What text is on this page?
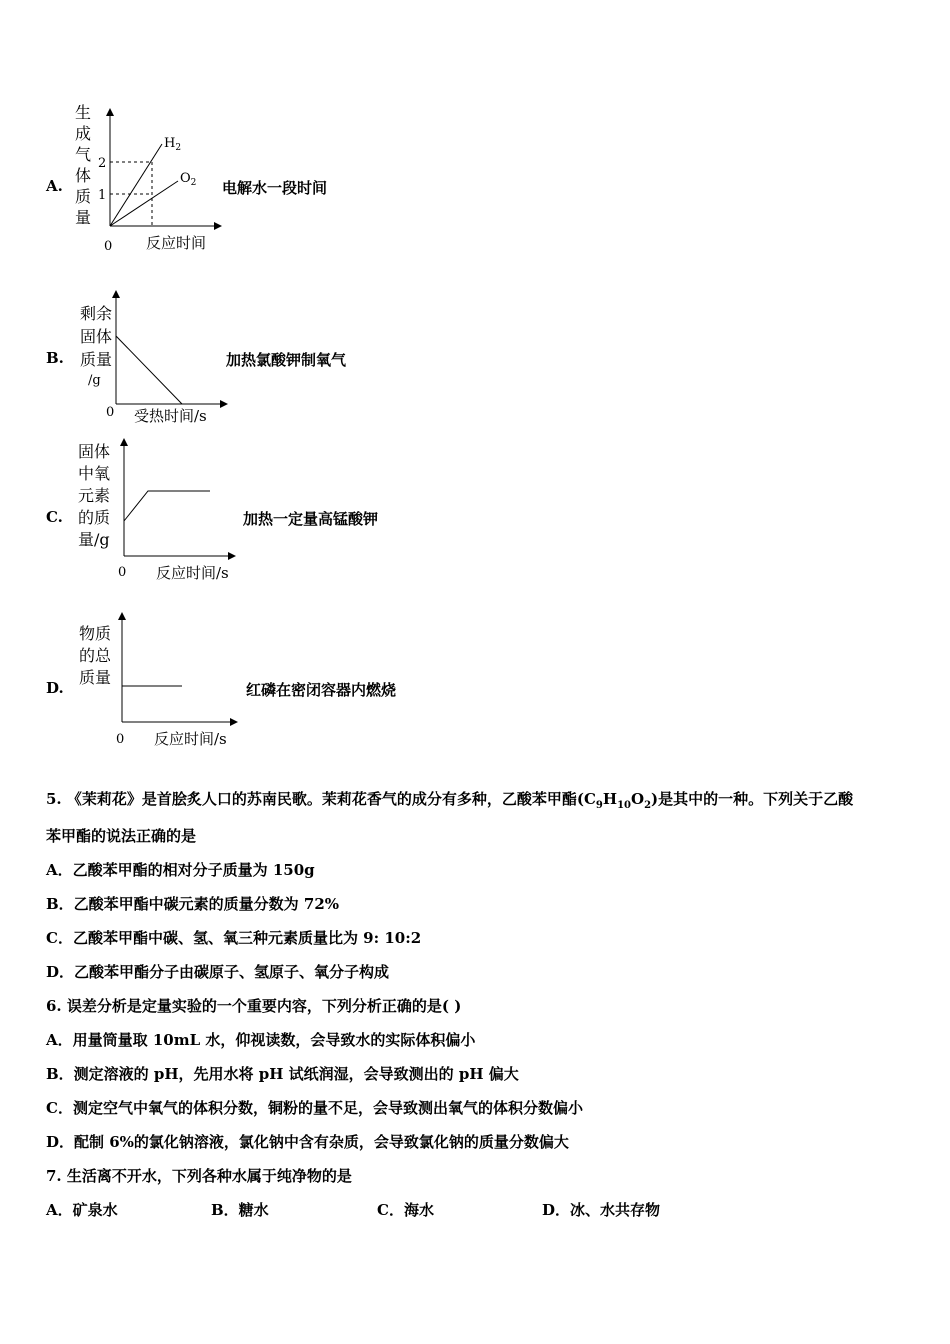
A.
生
成
气
体
质
量
2
1
$H_2$
$O_2$
0 反应时间
电解水一段时间
B.
剩余
固体
质量
/g
0 受热时间/s
加热氯酸钾制氧气
C.
固体
中氧
元素
的质
量/g
0 反应时间/s
加热一定量高锰酸钾
D.
物质
的总
质量
0 反应时间/s
红磷在密闭容器内燃烧
5. 《茉莉花》是首脍炙人口的苏南民歌。茉莉花香气的成分有多种，乙酸苯甲酯$(C_9H_{10}O_2)$是其中的一种。下列关于乙酸
苯甲酯的说法正确的是
A．乙酸苯甲酯的相对分子质量为 150g
B．乙酸苯甲酯中碳元素的质量分数为 72%
C．乙酸苯甲酯中碳、氢、氧三种元素质量比为 9: 10:2
D．乙酸苯甲酯分子由碳原子、氢原子、氧分子构成
6. 误差分析是定量实验的一个重要内容，下列分析正确的是( )
A．用量筒量取 10mL 水，仰视读数，会导致水的实际体积偏小
B．测定溶液的 pH，先用水将 pH 试纸润湿，会导致测出的 pH 偏大
C．测定空气中氧气的体积分数，铜粉的量不足，会导致测出氧气的体积分数偏小
D．配制 6%的氯化钠溶液，氯化钠中含有杂质，会导致氯化钠的质量分数偏大
7. 生活离不开水，下列各种水属于纯净物的是
A．矿泉水	B．糖水	C．海水	D．冰、水共存物
